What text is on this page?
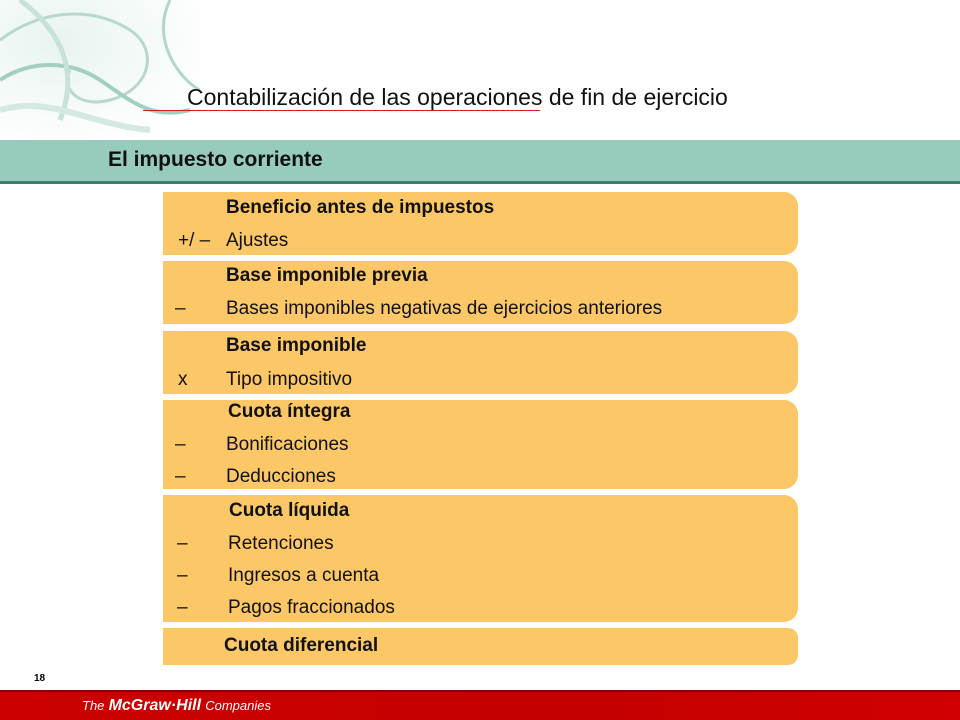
Contabilización de las operaciones de fin de ejercicio
El impuesto corriente
Beneficio antes de impuestos
+/ – Ajustes
Base imponible previa
– Bases imponibles negativas de ejercicios anteriores
Base imponible
x Tipo impositivo
Cuota íntegra
– Bonificaciones
– Deducciones
Cuota líquida
– Retenciones
– Ingresos a cuenta
– Pagos fraccionados
Cuota diferencial
18
The McGraw·Hill Companies
